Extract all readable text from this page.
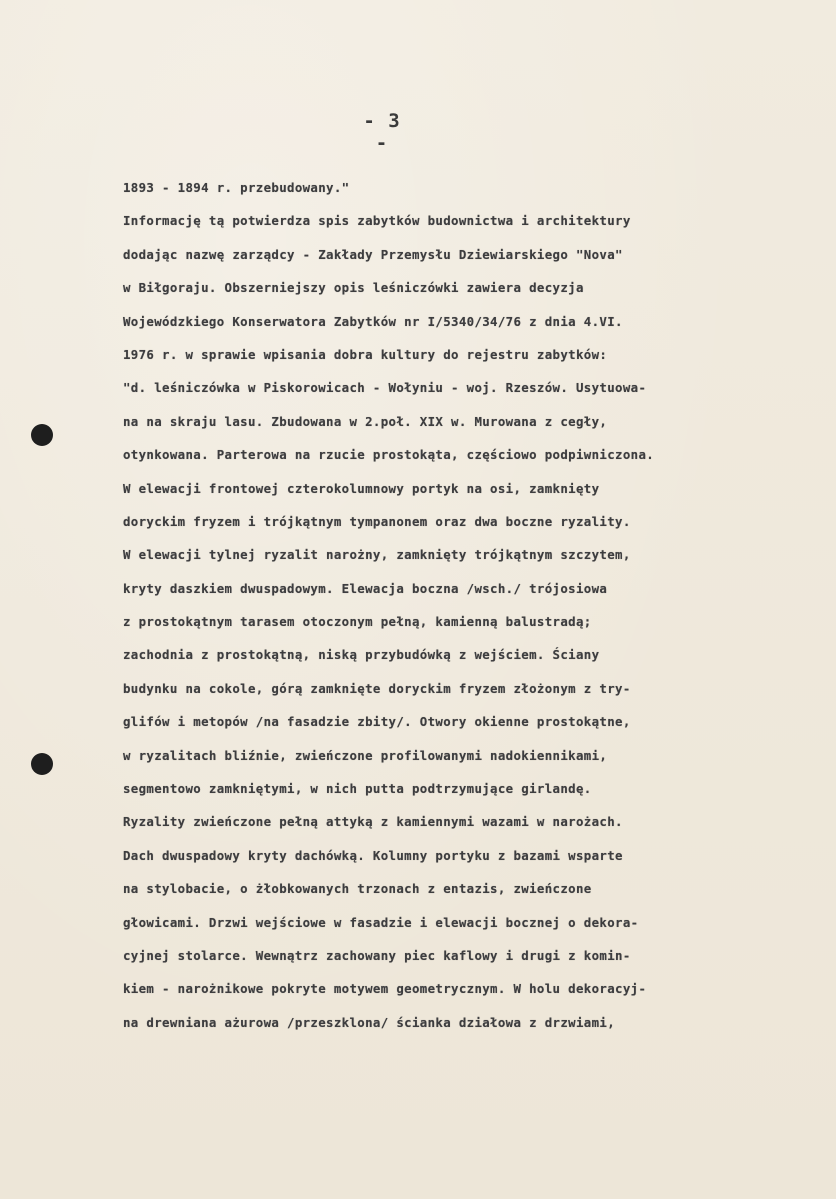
- 3 -
1893 - 1894 r. przebudowany."
Informację tą potwierdza spis zabytków budownictwa i architektury
dodając nazwę zarządcy - Zakłady Przemysłu Dziewiarskiego "Nova"
w Biłgoraju. Obszerniejszy opis leśniczówki zawiera decyzja
Wojewódzkiego Konserwatora Zabytków nr I/5340/34/76 z dnia 4.VI.
1976 r. w sprawie wpisania dobra kultury do rejestru zabytków:
"d. leśniczówka w Piskorowicach - Wołyniu - woj. Rzeszów. Usytuowa-
na na skraju lasu. Zbudowana w 2.poł. XIX w. Murowana z cegły,
otynkowana. Parterowa na rzucie prostokąta, częściowo podpiwniczona.
W elewacji frontowej czterokolumnowy portyk na osi, zamknięty
doryckim fryzem i trójkątnym tympanonem oraz dwa boczne ryzality.
W elewacji tylnej ryzalit narożny, zamknięty trójkątnym szczytem,
kryty daszkiem dwuspadowym. Elewacja boczna /wsch./ trójosiowa
z prostokątnym tarasem otoczonym pełną, kamienną balustradą;
zachodnia z prostokątną, niską przybudówką z wejściem. Ściany
budynku na cokole, górą zamknięte doryckim fryzem złożonym z try-
glifów i metopów /na fasadzie zbity/. Otwory okienne prostokątne,
w ryzalitach bliźnie, zwieńczone profilowanymi nadokiennikami,
segmentowo zamkniętymi, w nich putta podtrzymujące girlandę.
Ryzality zwieńczone pełną attyką z kamiennymi wazami w narożach.
Dach dwuspadowy kryty dachówką. Kolumny portyku z bazami wsparte
na stylobacie, o żłobkowanych trzonach z entazis, zwieńczone
głowicami. Drzwi wejściowe w fasadzie i elewacji bocznej o dekora-
cyjnej stolarce. Wewnątrz zachowany piec kaflowy i drugi z komin-
kiem - narożnikowe pokryte motywem geometrycznym. W holu dekoracyj-
na drewniana ażurowa /przeszklona/ ścianka działowa z drzwiami,
